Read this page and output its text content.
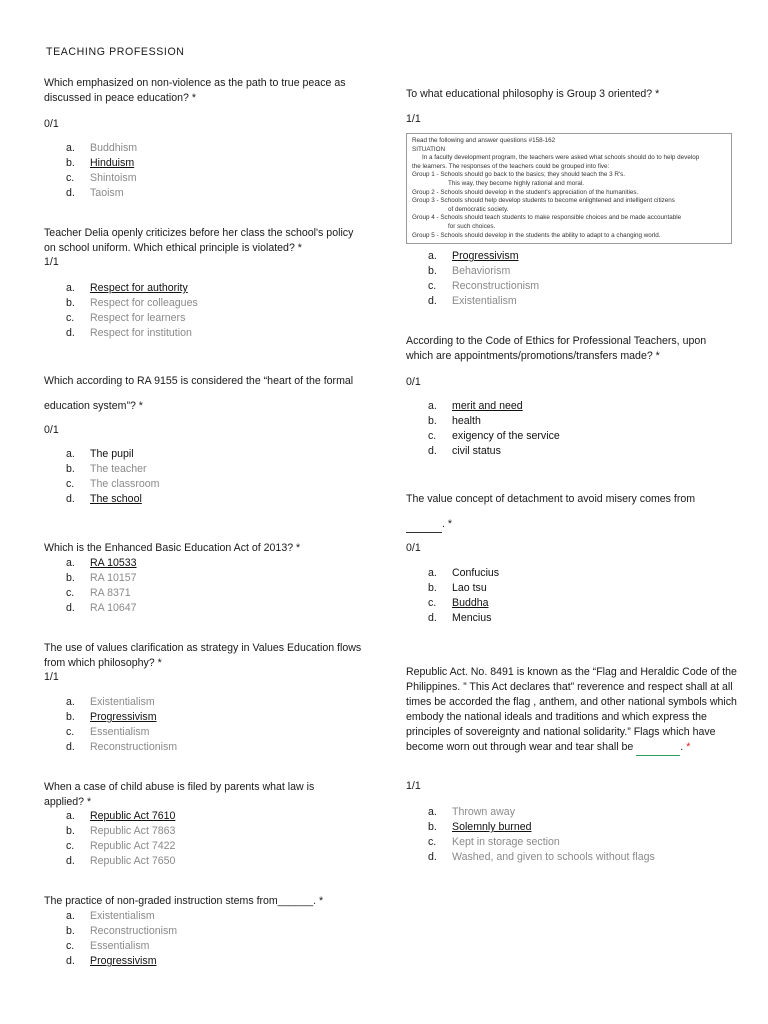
TEACHING PROFESSION
Which emphasized on non-violence as the path to true peace as discussed in peace education? *
0/1
a.	Buddhism
b.	Hinduism
c.	Shintoism
d.	Taoism
Teacher Delia openly criticizes before her class the school's policy on school uniform. Which ethical principle is violated? *
1/1
a.	Respect for authority
b.	Respect for colleagues
c.	Respect for learners
d.	Respect for institution
Which according to RA 9155 is considered the “heart of the formal
education system”? *
0/1
a.	The pupil
b.	The teacher
c.	The classroom
d.	The school
Which is the Enhanced Basic Education Act of 2013? *
a.	RA 10533
b.	RA 10157
c.	RA 8371
d.	RA 10647
The use of values clarification as strategy in Values Education flows from which philosophy? *
1/1
a.	Existentialism
b.	Progressivism
c.	Essentialism
d.	Reconstructionism
When a case of child abuse is filed by parents what law is applied? *
a.	Republic Act 7610
b.	Republic Act 7863
c.	Republic Act 7422
d.	Republic Act 7650
The practice of non-graded instruction stems from______. *
a.	Existentialism
b.	Reconstructionism
c.	Essentialism
d.	Progressivism
To what educational philosophy is Group 3 oriented? *
1/1
Read the following and answer questions #158-162
SITUATION
In a faculty development program, the teachers were asked what schools should do to help develop
the learners. The responses of the teachers could be grouped into five:
Group 1 - Schools should go back to the basics; they should teach the 3 R's.
This way, they become highly rational and moral.
Group 2 - Schools should develop in the student's appreciation of the humanities.
Group 3 - Schools should help develop students to become enlightened and intelligent citizens
of democratic society.
Group 4 - Schools should teach students to make responsible choices and be made accountable
for such choices.
Group 5 - Schools should develop in the students the ability to adapt to a changing world.
a.	Progressivism
b.	Behaviorism
c.	Reconstructionism
d.	Existentialism
According to the Code of Ethics for Professional Teachers, upon which are appointments/promotions/transfers made? *
0/1
a.	merit and need
b.	health
c.	exigency of the service
d.	civil status
The value concept of detachment to avoid misery comes from
. *
0/1
a.	Confucius
b.	Lao tsu
c.	Buddha
d.	Mencius
Republic Act. No. 8491 is known as the “Flag and Heraldic Code of the Philippines. ” This Act declares that” reverence and respect shall at all times be accorded the flag , anthem, and other national symbols which embody the national ideals and traditions and which express the principles of sovereignty and national solidarity.” Flags which have become worn out through wear and tear shall be	. *
1/1
a.	Thrown away
b.	Solemnly burned
c.	Kept in storage section
d.	Washed, and given to schools without flags
